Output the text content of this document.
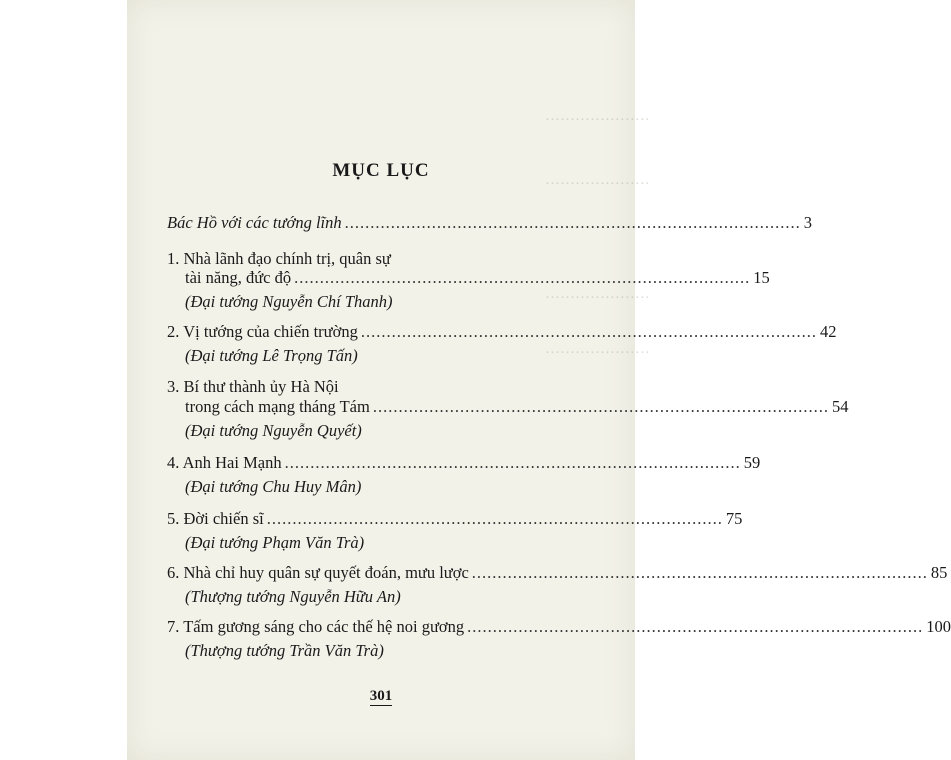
·····················
·····················
·····················
·····················
MỤC LỤC
Bác Hồ với các tướng lĩnh ......................................................................................... 3
1. Nhà lãnh đạo chính trị, quân sự
tài năng, đức độ ......................................................................................... 15
(Đại tướng Nguyễn Chí Thanh)
2. Vị tướng của chiến trường ......................................................................................... 42
(Đại tướng Lê Trọng Tấn)
3. Bí thư thành ủy Hà Nội
trong cách mạng tháng Tám ......................................................................................... 54
(Đại tướng Nguyễn Quyết)
4. Anh Hai Mạnh ......................................................................................... 59
(Đại tướng Chu Huy Mân)
5. Đời chiến sĩ ......................................................................................... 75
(Đại tướng Phạm Văn Trà)
6. Nhà chỉ huy quân sự quyết đoán, mưu lược ......................................................................................... 85
(Thượng tướng Nguyễn Hữu An)
7. Tấm gương sáng cho các thế hệ noi gương ......................................................................................... 100
(Thượng tướng Trần Văn Trà)
301
